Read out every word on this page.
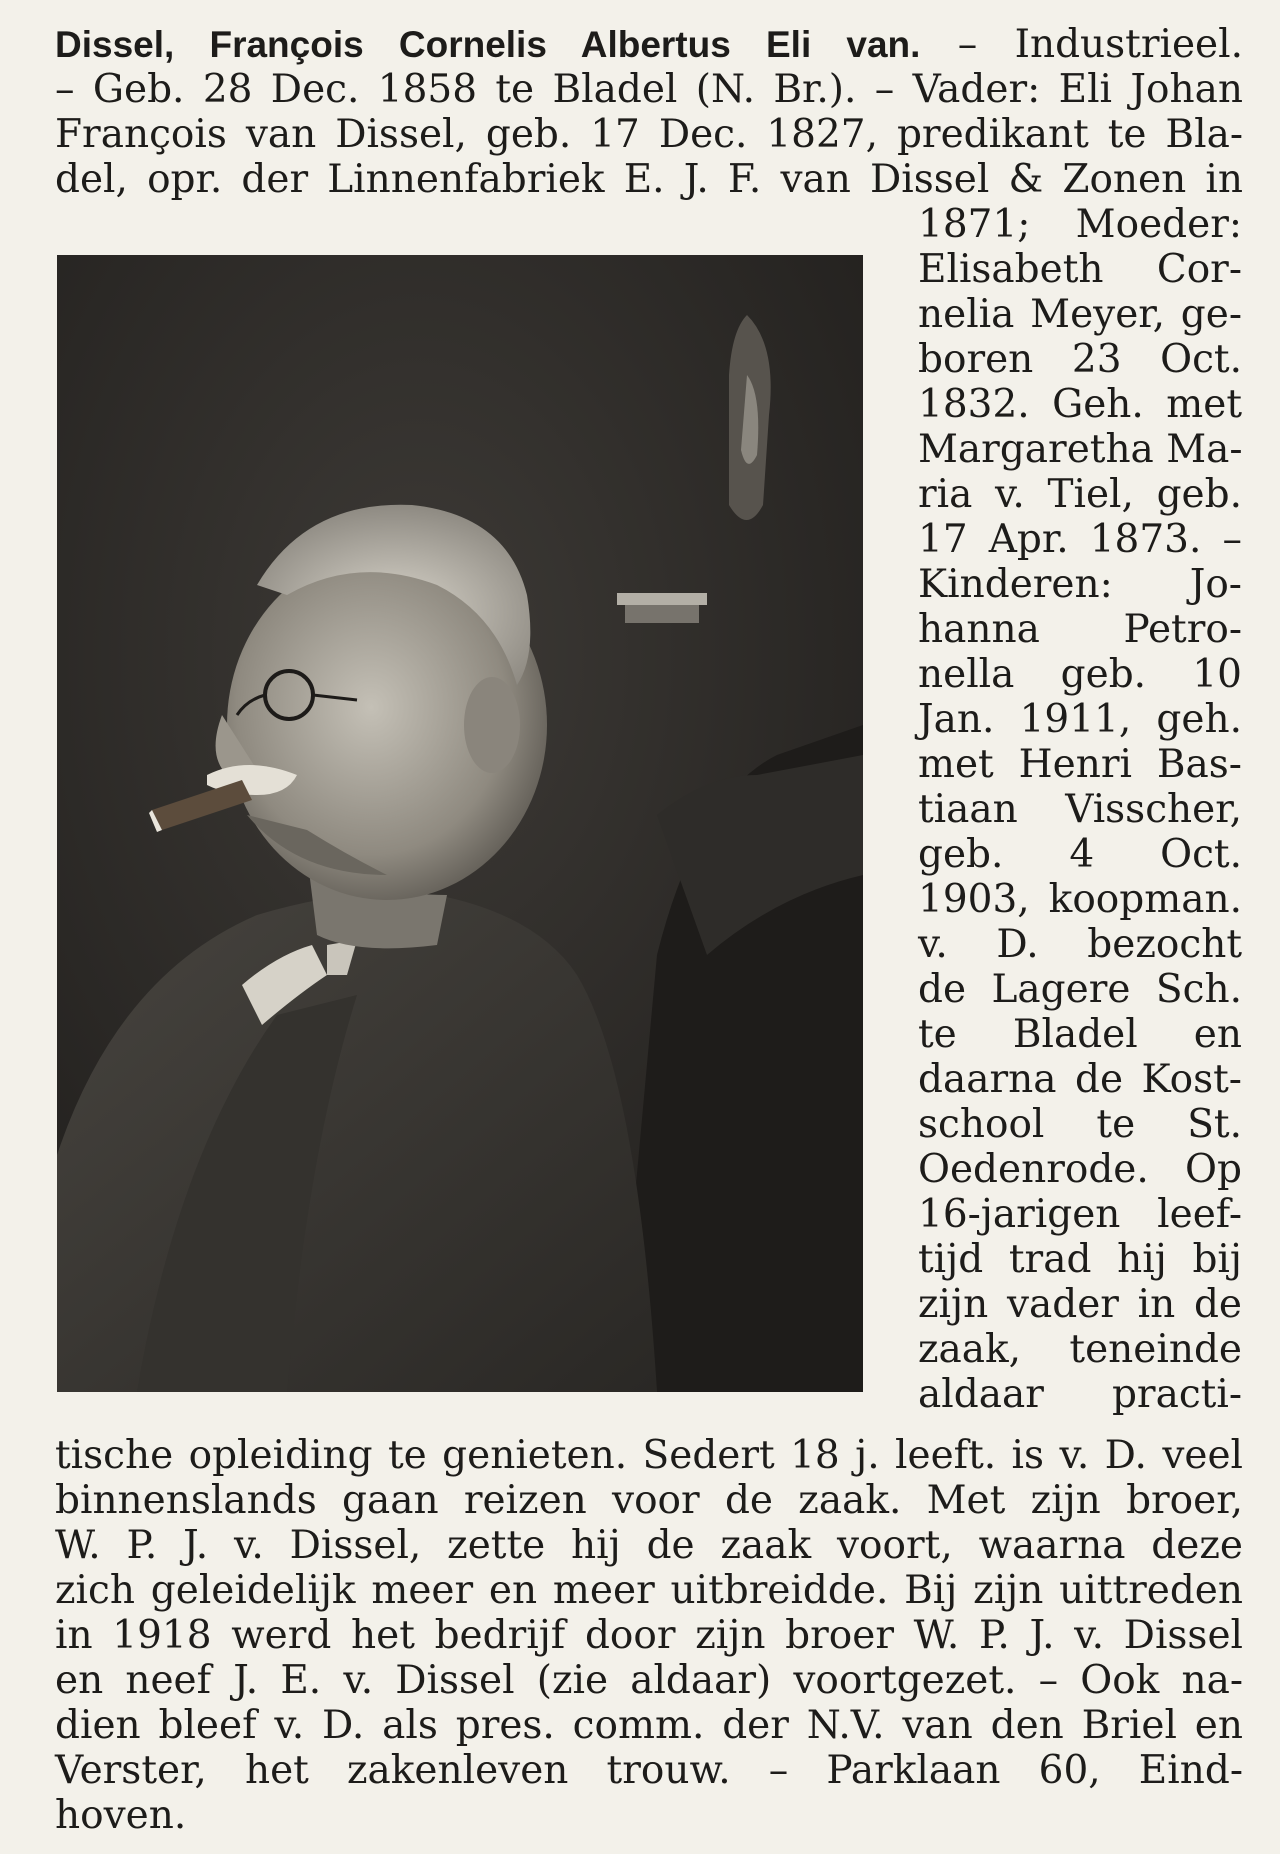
Dissel, François Cornelis Albertus Eli van. – Industrieel.
– Geb. 28 Dec. 1858 te Bladel (N. Br.). – Vader: Eli Johan
François van Dissel, geb. 17 Dec. 1827, predikant te Bla-
del, opr. der Linnenfabriek E. J. F. van Dissel & Zonen in
1871; Moeder:
Elisabeth Cor-
nelia Meyer, ge-
boren 23 Oct.
1832. Geh. met
Margaretha Ma-
ria v. Tiel, geb.
17 Apr. 1873. –
Kinderen: Jo-
hanna Petro-
nella geb. 10
Jan. 1911, geh.
met Henri Bas-
tiaan Visscher,
geb. 4 Oct.
1903, koopman.
v. D. bezocht
de Lagere Sch.
te Bladel en
daarna de Kost-
school te St.
Oedenrode. Op
16-jarigen leef-
tijd trad hij bij
zijn vader in de
zaak, teneinde
aldaar practi-
tische opleiding te genieten. Sedert 18 j. leeft. is v. D. veel
binnenslands gaan reizen voor de zaak. Met zijn broer,
W. P. J. v. Dissel, zette hij de zaak voort, waarna deze
zich geleidelijk meer en meer uitbreidde. Bij zijn uittreden
in 1918 werd het bedrijf door zijn broer W. P. J. v. Dissel
en neef J. E. v. Dissel (zie aldaar) voortgezet. – Ook na-
dien bleef v. D. als pres. comm. der N.V. van den Briel en
Verster, het zakenleven trouw. – Parklaan 60, Eind-
hoven.
